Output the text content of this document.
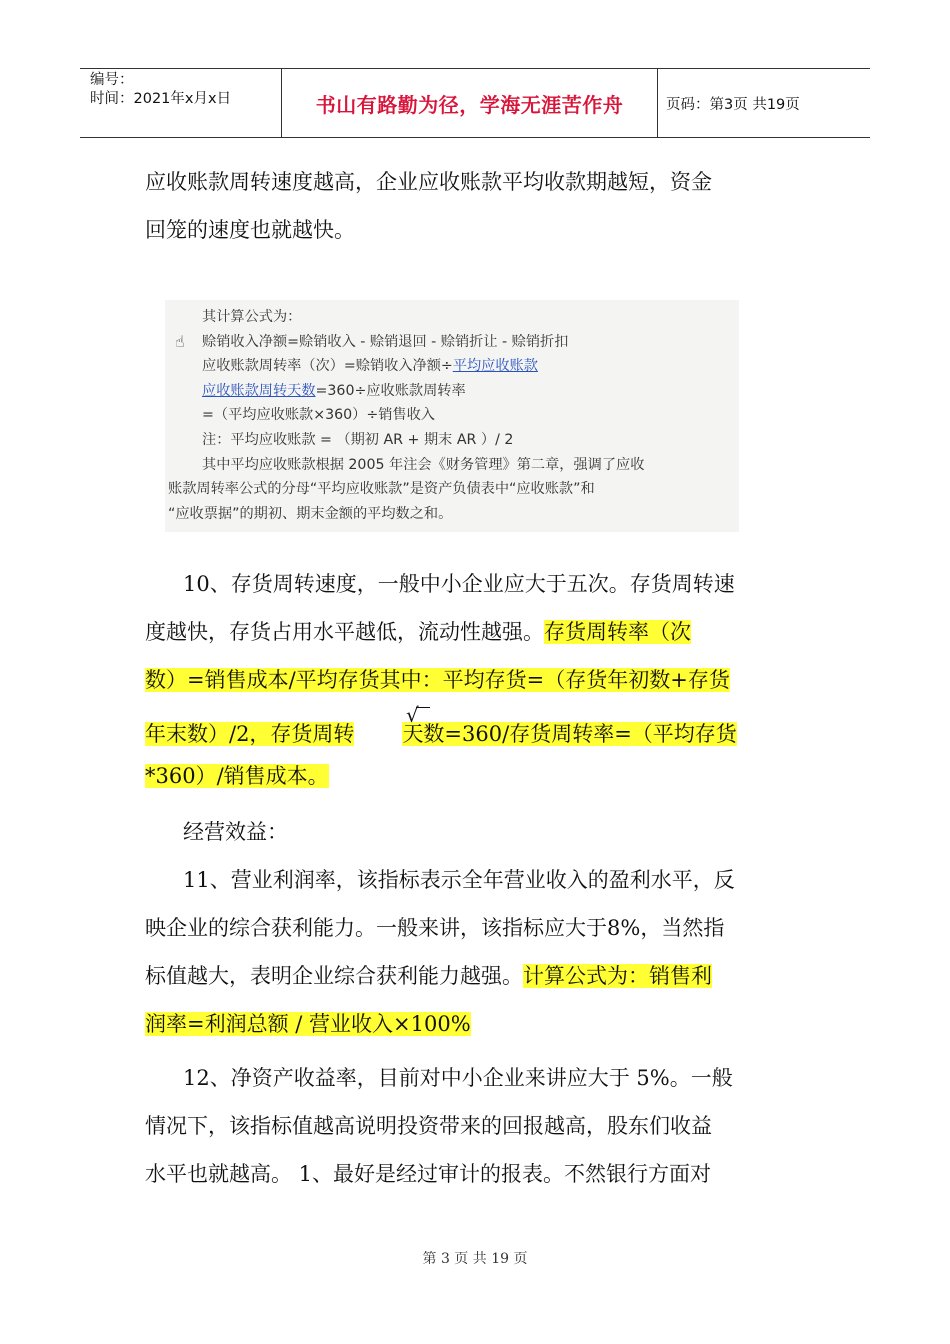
编号：
时间：2021年x月x日	书山有路勤为径，学海无涯苦作舟	页码：第3页 共19页
应收账款周转速度越高，企业应收账款平均收款期越短，资金
回笼的速度也就越快。
☝
其计算公式为：
赊销收入净额=赊销收入 - 赊销退回 - 赊销折让 - 赊销折扣
应收账款周转率（次）=赊销收入净额÷平均应收账款
应收账款周转天数=360÷应收账款周转率
=（平均应收账款×360）÷销售收入
注：平均应收账款 = （期初 AR + 期末 AR ）/ 2
其中平均应收账款根据 2005 年注会《财务管理》第二章，强调了应收
账款周转率公式的分母“平均应收账款”是资产负债表中“应收账款”和
“应收票据”的期初、期末金额的平均数之和。
10、存货周转速度，一般中小企业应大于五次。存货周转速
度越快，存货占用水平越低，流动性越强。存货周转率（次
数）=销售成本/平均存货其中：平均存货=（存货年初数+存货
年末数）/2，存货周转 天数=360/存货周转率=（平均存货
*360）/销售成本。
√
经营效益：
11、营业利润率，该指标表示全年营业收入的盈利水平，反
映企业的综合获利能力。一般来讲，该指标应大于8%，当然指
标值越大，表明企业综合获利能力越强。计算公式为：销售利
润率=利润总额 / 营业收入×100%
12、净资产收益率，目前对中小企业来讲应大于 5%。一般
情况下，该指标值越高说明投资带来的回报越高，股东们收益
水平也就越高。 1、最好是经过审计的报表。不然银行方面对
第 3 页 共 19 页
